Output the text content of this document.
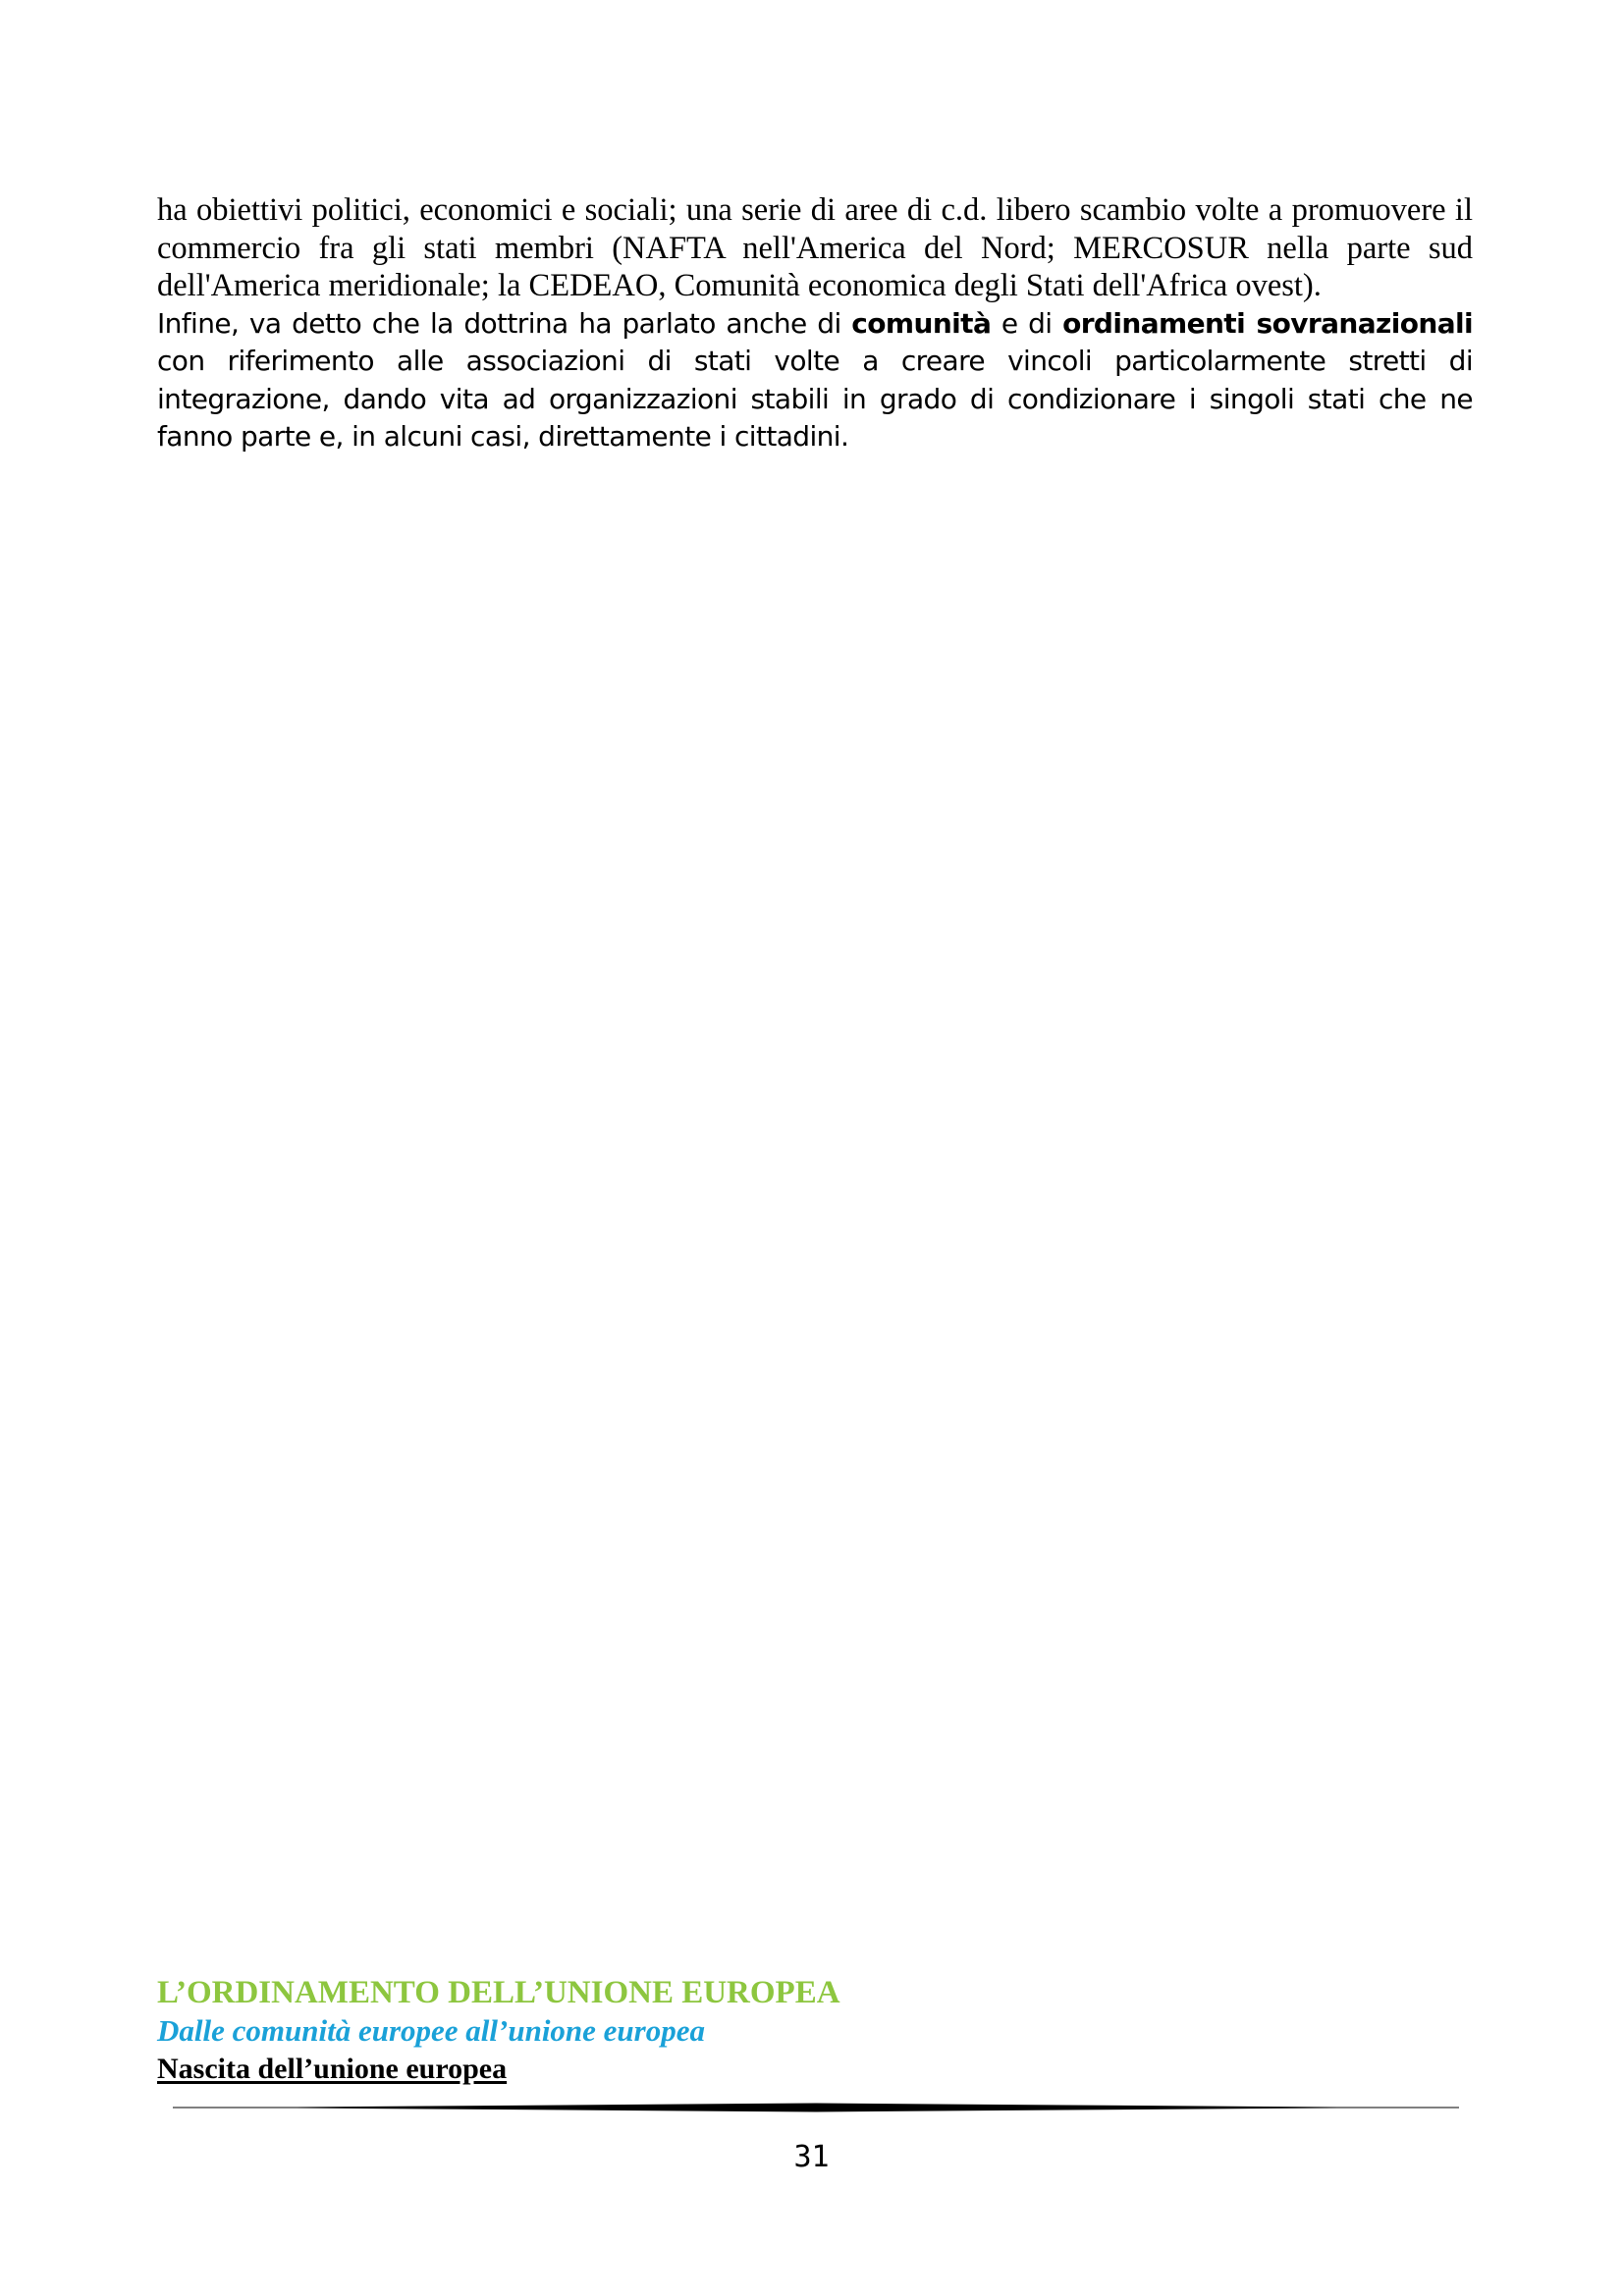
ha obiettivi politici, economici e sociali; una serie di aree di c.d. libero scambio volte a promuovere il commercio fra gli stati membri (NAFTA nell'America del Nord; MERCOSUR nella parte sud dell'America meridionale; la CEDEAO, Comunità economica degli Stati dell'Africa ovest).

Infine, va detto che la dottrina ha parlato anche di comunità e di ordinamenti sovranazionali con riferimento alle associazioni di stati volte a creare vincoli particolarmente stretti di integrazione, dando vita ad organizzazioni stabili in grado di condizionare i singoli stati che ne fanno parte e, in alcuni casi, direttamente i cittadini.

L’ORDINAMENTO DELL’UNIONE EUROPEA

Dalle comunità europee all’unione europea

Nascita dell’unione europea

31
